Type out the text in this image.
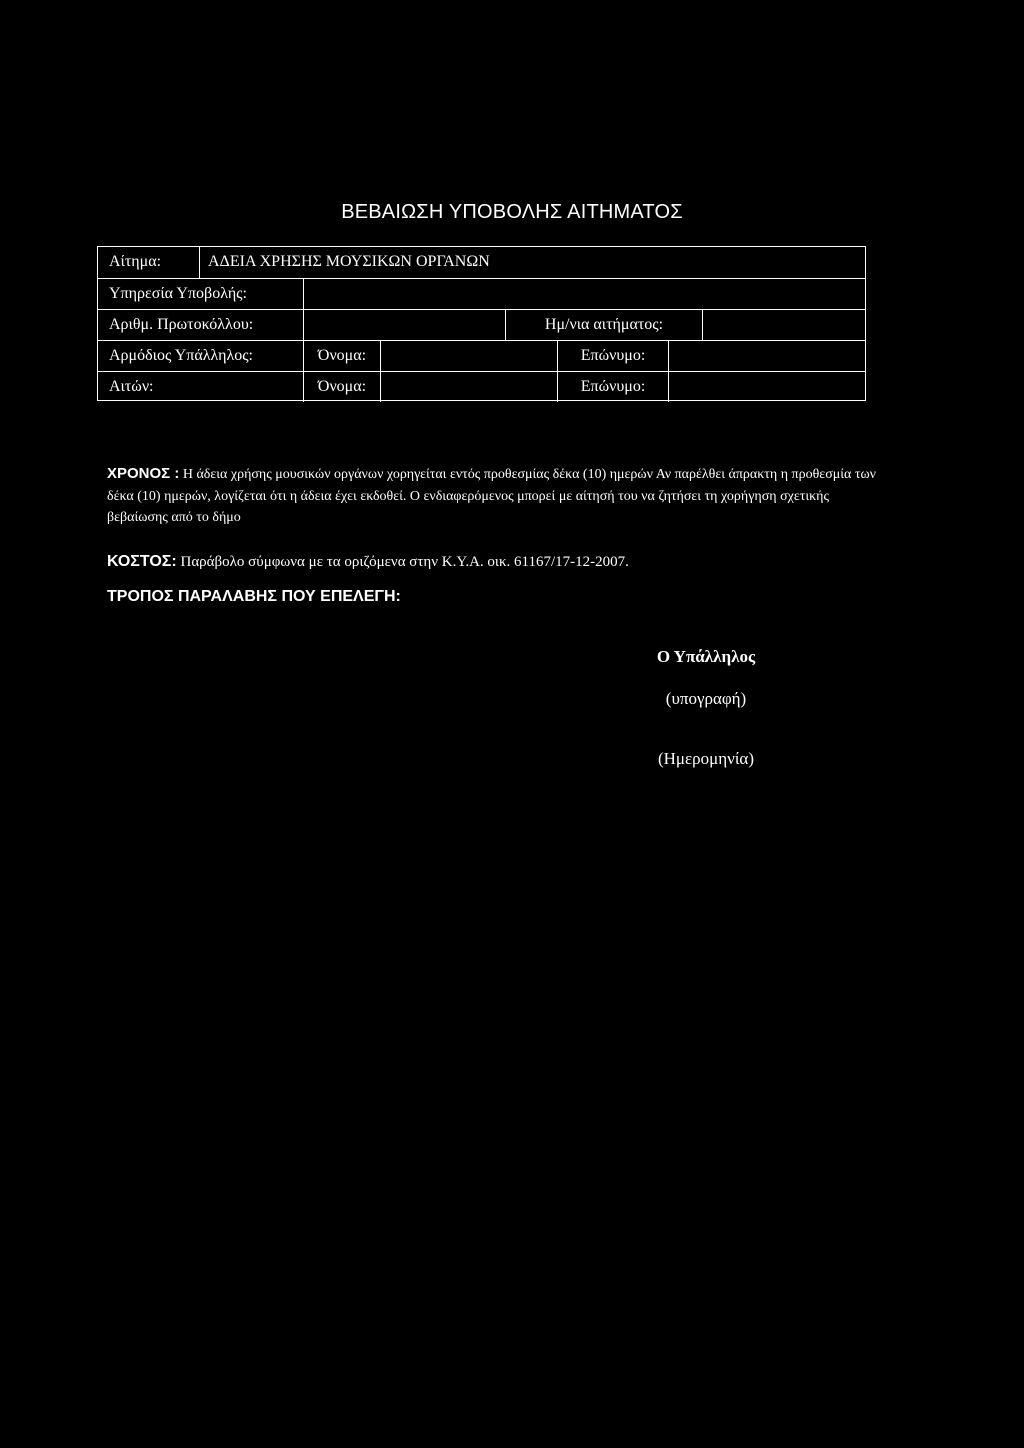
ΒΕΒΑΙΩΣΗ ΥΠΟΒΟΛΗΣ ΑΙΤΗΜΑΤΟΣ
Αίτημα:	ΑΔΕΙΑ ΧΡΗΣΗΣ ΜΟΥΣΙΚΩΝ ΟΡΓΑΝΩΝ
Υπηρεσία Υποβολής:
Αριθμ. Πρωτοκόλλου:	Ημ/νια αιτήματος:
Αρμόδιος Υπάλληλος:	Όνομα:	Επώνυμο:
Αιτών:	Όνομα:	Επώνυμο:
ΧΡΟΝΟΣ : Η άδεια χρήσης μουσικών οργάνων χορηγείται εντός προθεσμίας δέκα (10) ημερών Αν παρέλθει άπρακτη η προθεσμία των δέκα (10) ημερών, λογίζεται ότι η άδεια έχει εκδοθεί. Ο ενδιαφερόμενος μπορεί με αίτησή του να ζητήσει τη χορήγηση σχετικής βεβαίωσης από το δήμο
ΚΟΣΤΟΣ: Παράβολο σύμφωνα με τα οριζόμενα στην Κ.Υ.Α. οικ. 61167/17-12-2007.
ΤΡΟΠΟΣ ΠΑΡΑΛΑΒΗΣ ΠΟΥ ΕΠΕΛΕΓΗ:
Ο Υπάλληλος
(υπογραφή)
(Ημερομηνία)
